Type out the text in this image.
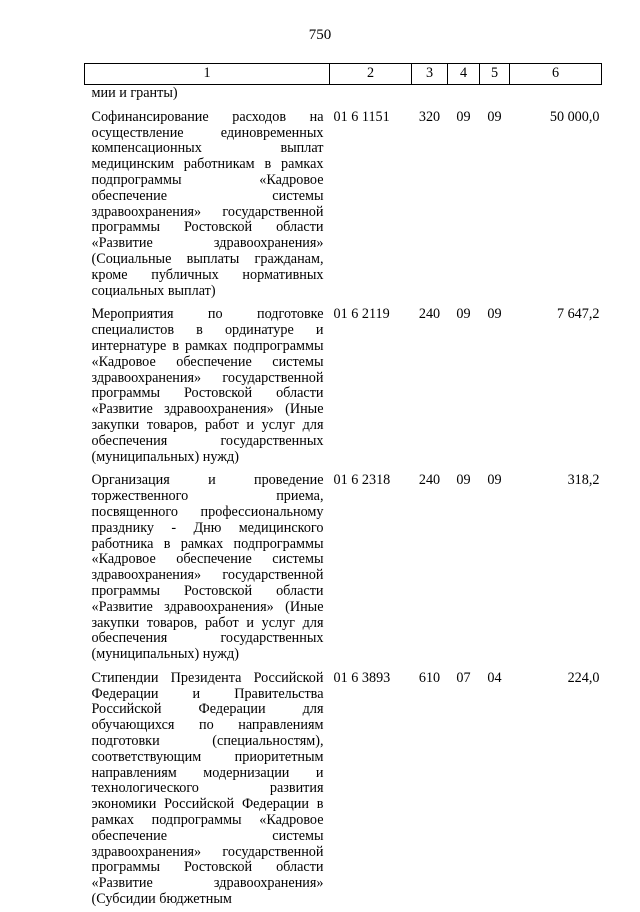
750
1	2	3	4	5	6
мии и гранты)					

Софинансирование расходов на осуществление единовременных компенсационных выплат медицинским работникам в рамках подпрограммы «Кадровое обеспечение системы здравоохранения» государственной программы Ростовской области «Развитие здравоохранения» (Социальные выплаты гражданам, кроме публичных нормативных социальных выплат)	01 6 1151	320	09	09	50 000,0

Мероприятия по подготовке специалистов в ординатуре и интернатуре в рамках подпрограммы «Кадровое обеспечение системы здравоохранения» государственной программы Ростовской области «Развитие здравоохранения» (Иные закупки товаров, работ и услуг для обеспечения государственных (муниципальных) нужд)	01 6 2119	240	09	09	7 647,2

Организация и проведение торжественного приема, посвященного профессиональному празднику - Дню медицинского работника в рамках подпрограммы «Кадровое обеспечение системы здравоохранения» государственной программы Ростовской области «Развитие здравоохранения» (Иные закупки товаров, работ и услуг для обеспечения государственных (муниципальных) нужд)	01 6 2318	240	09	09	318,2

Стипендии Президента Российской Федерации и Правительства Российской Федерации для обучающихся по направлениям подготовки (специальностям), соответствующим приоритетным направлениям модернизации и технологического развития экономики Российской Федерации в рамках подпрограммы «Кадровое обеспечение системы здравоохранения» государственной программы Ростовской области «Развитие здравоохранения» (Субсидии бюджетным	01 6 3893	610	07	04	224,0
